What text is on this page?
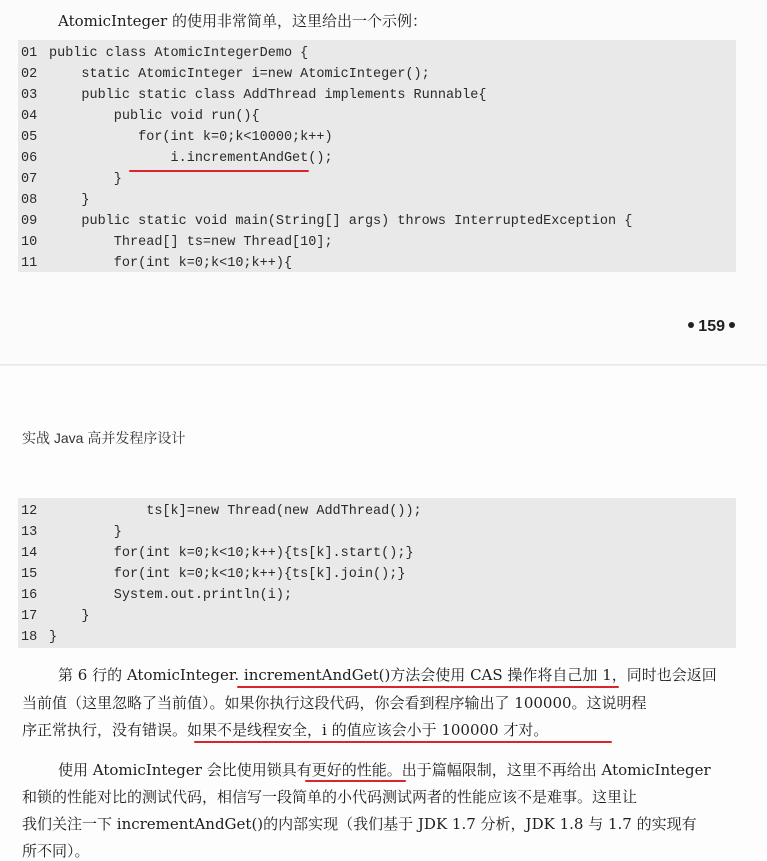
AtomicInteger 的使用非常简单，这里给出一个示例：
01 public class AtomicIntegerDemo {
02    static AtomicInteger i=new AtomicInteger();
03    public static class AddThread implements Runnable{
04        public void run(){
05           for(int k=0;k<10000;k++)
06               i.incrementAndGet();
07        }
08    }
09    public static void main(String[] args) throws InterruptedException {
10        Thread[] ts=new Thread[10];
11        for(int k=0;k<10;k++){
159
实战 Java 高并发程序设计
12            ts[k]=new Thread(new AddThread());
13        }
14        for(int k=0;k<10;k++){ts[k].start();}
15        for(int k=0;k<10;k++){ts[k].join();}
16        System.out.println(i);
17    }
18 }
第 6 行的 AtomicInteger. incrementAndGet()方法会使用 CAS 操作将自己加 1，同时也会返回
当前值（这里忽略了当前值）。如果你执行这段代码，你会看到程序输出了 100000。这说明程
序正常执行，没有错误。如果不是线程安全，i 的值应该会小于 100000 才对。
使用 AtomicInteger 会比使用锁具有更好的性能。出于篇幅限制，这里不再给出 AtomicInteger
和锁的性能对比的测试代码，相信写一段简单的小代码测试两者的性能应该不是难事。这里让
我们关注一下 incrementAndGet()的内部实现（我们基于 JDK 1.7 分析，JDK 1.8 与 1.7 的实现有
所不同）。
